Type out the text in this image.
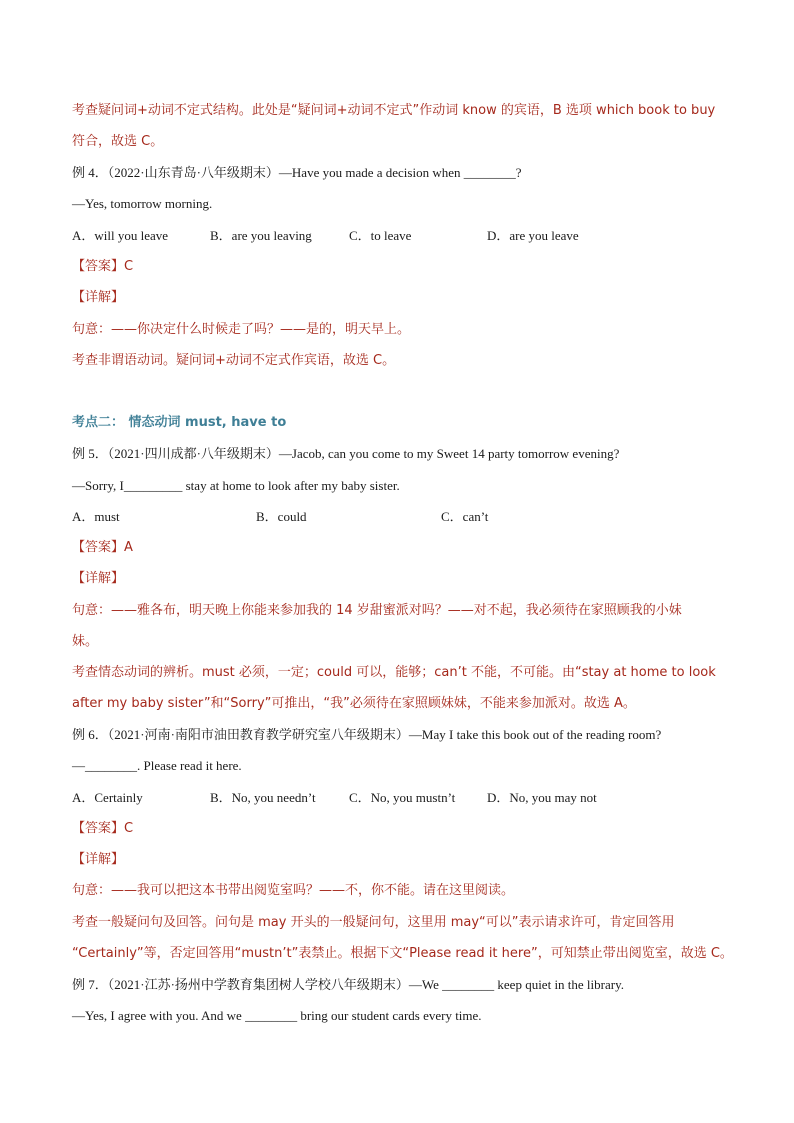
考查疑问词+动词不定式结构。此处是“疑问词+动词不定式”作动词 know 的宾语，B 选项 which book to buy
符合，故选 C。
例 4．（2022·山东青岛·八年级期末）—Have you made a decision when ________?
—Yes, tomorrow morning.
A．will you leave	B．are you leaving	C．to leave	D．are you leave
【答案】C
【详解】
句意：——你决定什么时候走了吗？——是的，明天早上。
考查非谓语动词。疑问词+动词不定式作宾语，故选 C。
考点二： 情态动词 must, have to
例 5．（2021·四川成都·八年级期末）—Jacob, can you come to my Sweet 14 party tomorrow evening?
—Sorry, I_________ stay at home to look after my baby sister.
A．must	B．could	C．can’t
【答案】A
【详解】
句意：——雅各布，明天晚上你能来参加我的 14 岁甜蜜派对吗？——对不起，我必须待在家照顾我的小妹
妹。
考查情态动词的辨析。must 必须，一定；could 可以，能够；can’t 不能，不可能。由“stay at home to look
after my baby sister”和“Sorry”可推出，“我”必须待在家照顾妹妹，不能来参加派对。故选 A。
例 6．（2021·河南·南阳市油田教育教学研究室八年级期末）—May I take this book out of the reading room?
—________. Please read it here.
A．Certainly	B．No, you needn’t	C．No, you mustn’t D．No, you may not
【答案】C
【详解】
句意：——我可以把这本书带出阅览室吗？——不，你不能。请在这里阅读。
考查一般疑问句及回答。问句是 may 开头的一般疑问句，这里用 may“可以”表示请求许可，肯定回答用
“Certainly”等，否定回答用“mustn’t”表禁止。根据下文“Please read it here”，可知禁止带出阅览室，故选 C。
例 7．（2021·江苏·扬州中学教育集团树人学校八年级期末）—We ________ keep quiet in the library.
—Yes, I agree with you. And we ________ bring our student cards every time.
